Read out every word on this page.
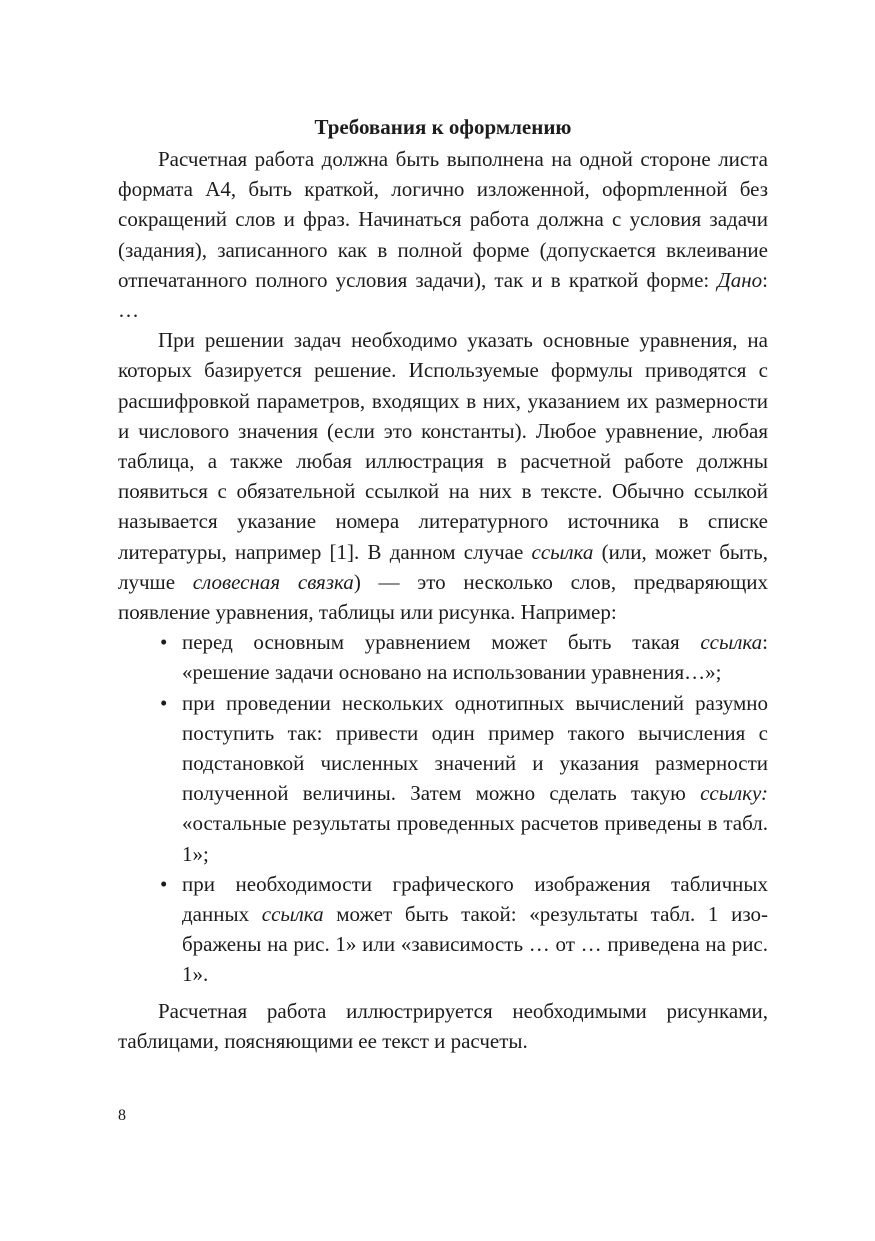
Требования к оформлению

Расчетная работа должна быть выполнена на одной стороне листа формата А4, быть краткой, логично изложенной, офорmленной без сокращений слов и фраз. Начинаться работа должна с условия задачи (задания), записанного как в полной форме (допускается вклеивание отпечатанного полного условия задачи), так и в краткой форме: Дано: …

При решении задач необходимо указать основные уравнения, на которых базируется решение. Используемые формулы приводятся с расшифровкой параметров, входящих в них, указанием их размерности и числового значения (если это константы). Любое уравнение, любая таблица, а также любая иллюстрация в расчетной работе должны появиться с обязательной ссылкой на них в тексте. Обычно ссылкой называется указание номера литературного источника в списке литературы, например [1]. В данном случае ссылка (или, может быть, лучше словесная связка) — это несколько слов, предваряющих появление уравнения, таблицы или рисунка. Например:

• перед основным уравнением может быть такая ссылка: «решение задачи основано на использовании уравнения…»;
• при проведении нескольких однотипных вычислений разумно поступить так: привести один пример такого вычисления с подстановкой численных значений и указания размерности полученной величины. Затем можно сделать такую ссылку: «остальные результаты проведенных расчетов приведены в табл. 1»;
• при необходимости графического изображения табличных данных ссылка может быть такой: «результаты табл. 1 изображены на рис. 1» или «зависимость … от … приведена на рис. 1».

Расчетная работа иллюстрируется необходимыми рисунками, таблицами, поясняющими ее текст и расчеты.

8
